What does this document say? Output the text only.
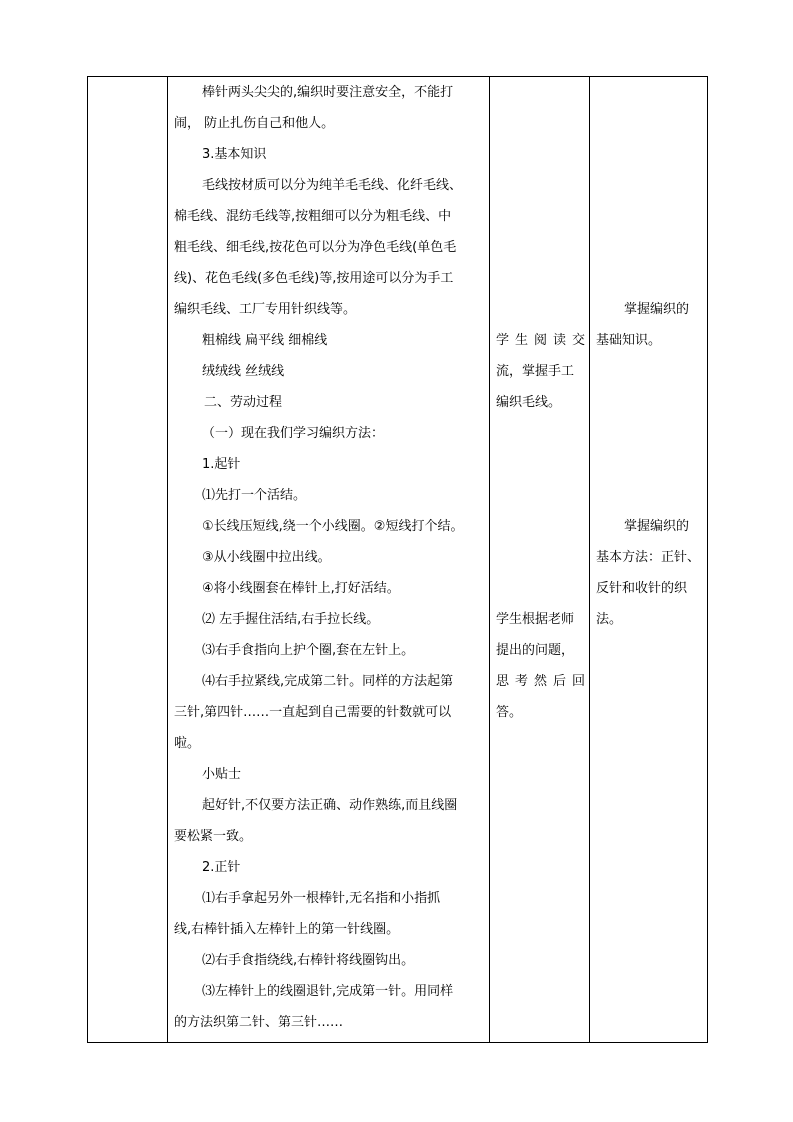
棒针两头尖尖的,编织时要注意安全，不能打
闹， 防止扎伤自己和他人。
3.基本知识
毛线按材质可以分为纯羊毛毛线、化纤毛线、
棉毛线、混纺毛线等,按粗细可以分为粗毛线、中
粗毛线、细毛线,按花色可以分为净色毛线(单色毛
线)、花色毛线(多色毛线)等,按用途可以分为手工
编织毛线、工厂专用针织线等。
粗棉线 扁平线 细棉线
绒绒线 丝绒线
二、劳动过程
（一）现在我们学习编织方法：
1.起针
⑴先打一个活结。
①长线压短线,绕一个小线圈。②短线打个结。
③从小线圈中拉出线。
④将小线圈套在棒针上,打好活结。
⑵ 左手握住活结,右手拉长线。
⑶右手食指向上护个圈,套在左针上。
⑷右手拉紧线,完成第二针。同样的方法起第
三针,第四针……一直起到自己需要的针数就可以
啦。
小贴士
起好针,不仅要方法正确、动作熟练,而且线圈
要松紧一致。
2.正针
⑴右手拿起另外一根棒针,无名指和小指抓
线,右棒针插入左棒针上的第一针线圈。
⑵右手食指绕线,右棒针将线圈钩出。
⑶左棒针上的线圈退针,完成第一针。用同样
的方法织第二针、第三针……

学生阅读交
流，掌握手工
编织毛线。
学生根据老师
提出的问题，
思考然后回
答。

掌握编织的
基础知识。
掌握编织的
基本方法：正针、
反针和收针的织
法。
